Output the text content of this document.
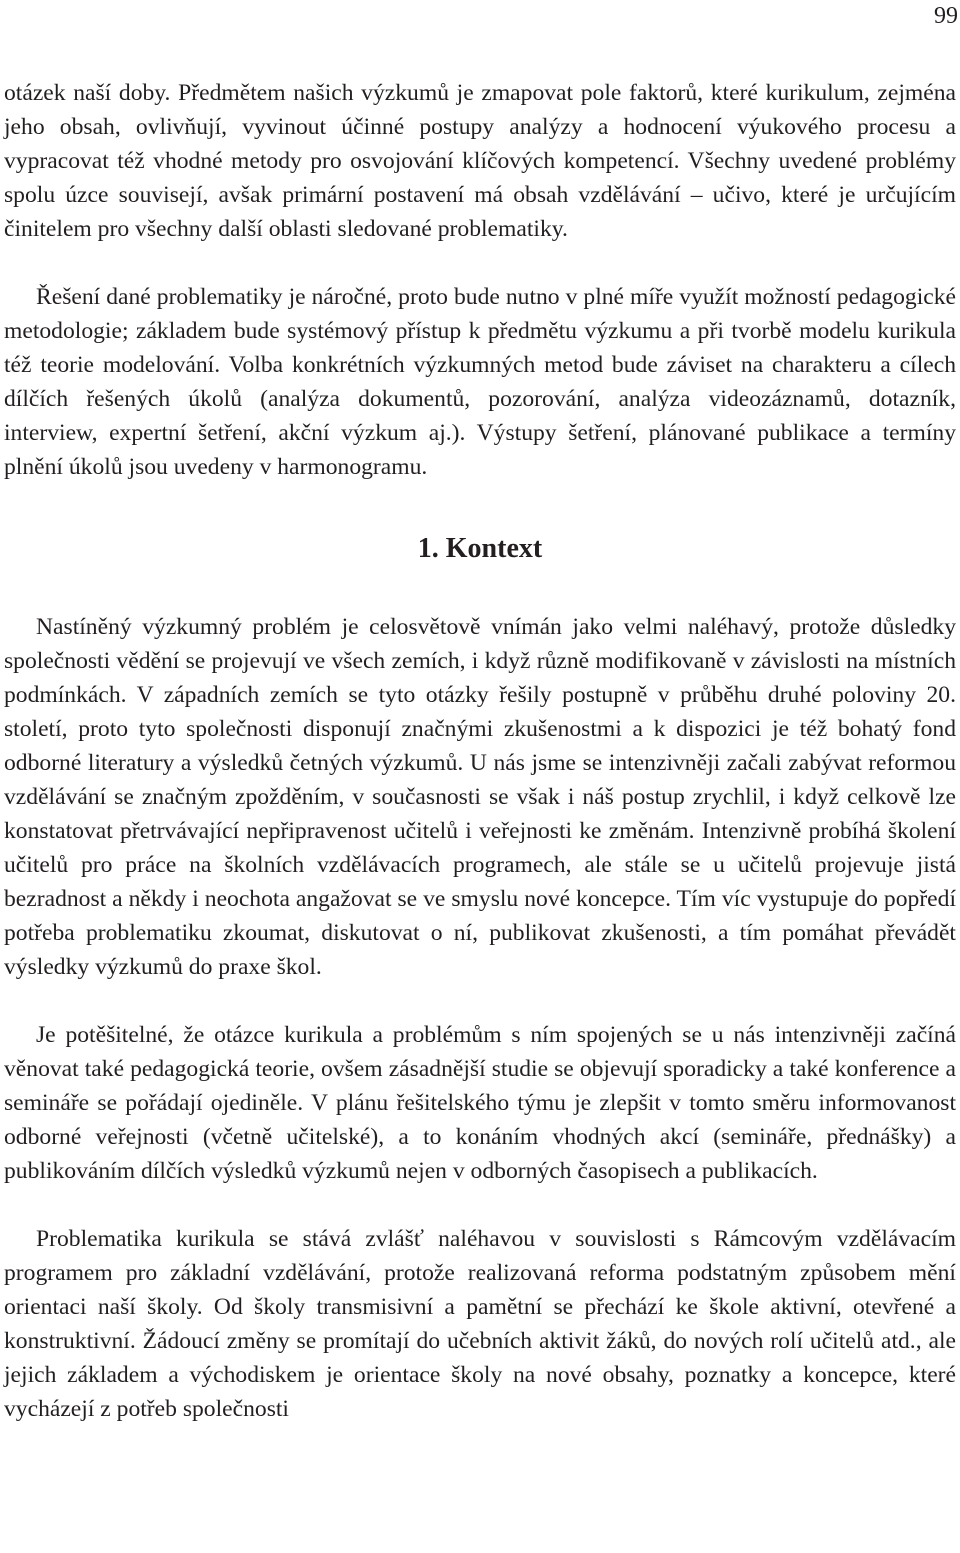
99

otázek naší doby. Předmětem našich výzkumů je zmapovat pole faktorů, které kurikulum, zejména jeho obsah, ovlivňují, vyvinout účinné postupy analýzy a hodnocení výukového procesu a vypracovat též vhodné metody pro osvojování klíčových kompetencí. Všechny uvedené problémy spolu úzce souvisejí, avšak primární postavení má obsah vzdělávání – učivo, které je určujícím činitelem pro všechny další oblasti sledované problematiky.

Řešení dané problematiky je náročné, proto bude nutno v plné míře využít možností pedagogické metodologie; základem bude systémový přístup k předmětu výzkumu a při tvorbě modelu kurikula též teorie modelování. Volba konkrétních výzkumných metod bude záviset na charakteru a cílech dílčích řešených úkolů (analýza dokumentů, pozorování, analýza videozáznamů, dotazník, interview, expertní šetření, akční výzkum aj.). Výstupy šetření, plánované publikace a termíny plnění úkolů jsou uvedeny v harmonogramu.

1. Kontext

Nastíněný výzkumný problém je celosvětově vnímán jako velmi naléhavý, protože důsledky společnosti vědění se projevují ve všech zemích, i když různě modifikovaně v závislosti na místních podmínkách. V západních zemích se tyto otázky řešily postupně v průběhu druhé poloviny 20. století, proto tyto společnosti disponují značnými zkušenostmi a k dispozici je též bohatý fond odborné literatury a výsledků četných výzkumů. U nás jsme se intenzivněji začali zabývat reformou vzdělávání se značným zpožděním, v současnosti se však i náš postup zrychlil, i když celkově lze konstatovat přetrvávající nepřipravenost učitelů i veřejnosti ke změnám. Intenzivně probíhá školení učitelů pro práce na školních vzdělávacích programech, ale stále se u učitelů projevuje jistá bezradnost a někdy i neochota angažovat se ve smyslu nové koncepce. Tím víc vystupuje do popředí potřeba problematiku zkoumat, diskutovat o ní, publikovat zkušenosti, a tím pomáhat převádět výsledky výzkumů do praxe škol.

Je potěšitelné, že otázce kurikula a problémům s ním spojených se u nás intenzivněji začíná věnovat také pedagogická teorie, ovšem zásadnější studie se objevují sporadicky a také konference a semináře se pořádají ojediněle. V plánu řešitelského týmu je zlepšit v tomto směru informovanost odborné veřejnosti (včetně učitelské), a to konáním vhodných akcí (semináře, přednášky) a publikováním dílčích výsledků výzkumů nejen v odborných časopisech a publikacích.

Problematika kurikula se stává zvlášť naléhavou v souvislosti s Rámcovým vzdělávacím programem pro základní vzdělávání, protože realizovaná reforma podstatným způsobem mění orientaci naší školy. Od školy transmisivní a pamětní se přechází ke škole aktivní, otevřené a konstruktivní. Žádoucí změny se promítají do učebních aktivit žáků, do nových rolí učitelů atd., ale jejich základem a východiskem je orientace školy na nové obsahy, poznatky a koncepce, které vycházejí z potřeb společnosti
